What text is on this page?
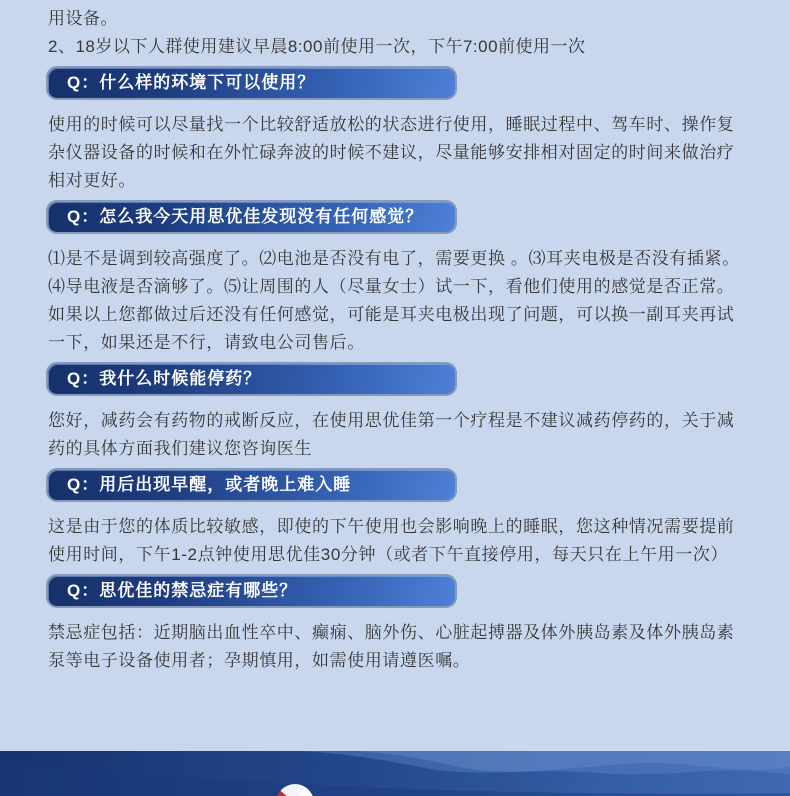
用设备。

2、18岁以下人群使用建议早晨8:00前使用一次，下午7:00前使用一次

Q：什么样的环境下可以使用？

使用的时候可以尽量找一个比较舒适放松的状态进行使用，睡眠过程中、驾车时、操作复杂仪器设备的时候和在外忙碌奔波的时候不建议，尽量能够安排相对固定的时间来做治疗相对更好。

Q：怎么我今天用思优佳发现没有任何感觉？

⑴是不是调到较高强度了。⑵电池是否没有电了，需要更换 。⑶耳夹电极是否没有插紧。⑷导电液是否滴够了。⑸让周围的人（尽量女士）试一下，看他们使用的感觉是否正常。

如果以上您都做过后还没有任何感觉，可能是耳夹电极出现了问题，可以换一副耳夹再试一下，如果还是不行，请致电公司售后。

Q：我什么时候能停药？

您好，减药会有药物的戒断反应，在使用思优佳第一个疗程是不建议减药停药的，关于减药的具体方面我们建议您咨询医生

Q：用后出现早醒，或者晚上难入睡

这是由于您的体质比较敏感，即使的下午使用也会影响晚上的睡眠，您这种情况需要提前使用时间，下午1-2点钟使用思优佳30分钟（或者下午直接停用，每天只在上午用一次）

Q：思优佳的禁忌症有哪些？

禁忌症包括：近期脑出血性卒中、癫痫、脑外伤、心脏起搏器及体外胰岛素及体外胰岛素泵等电子设备使用者；孕期慎用，如需使用请遵医嘱。
